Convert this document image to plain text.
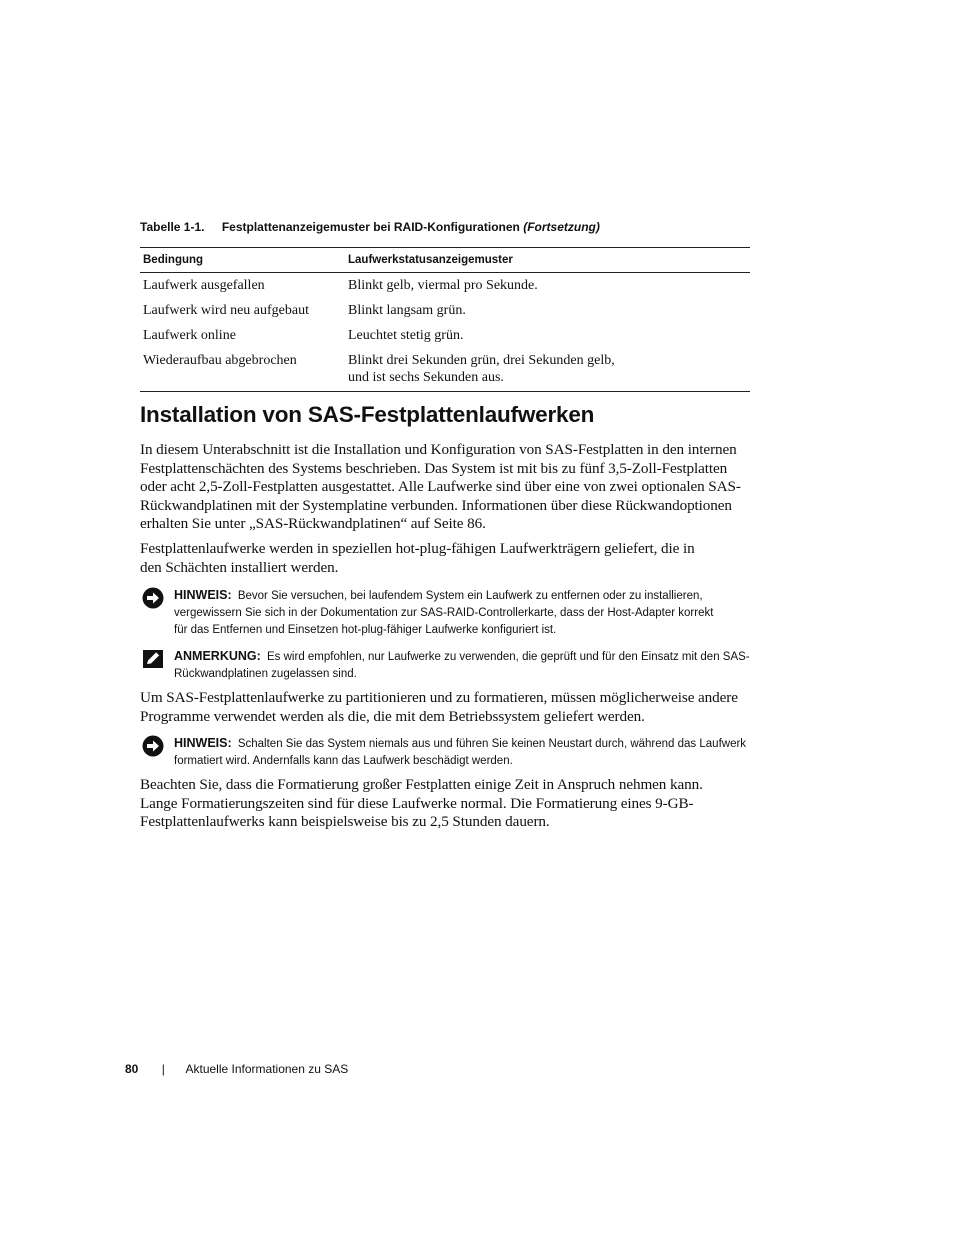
Tabelle 1-1. Festplattenanzeigemuster bei RAID-Konfigurationen (Fortsetzung)
Bedingung	Laufwerkstatusanzeigemuster
Laufwerk ausgefallen	Blinkt gelb, viermal pro Sekunde.
Laufwerk wird neu aufgebaut	Blinkt langsam grün.
Laufwerk online	Leuchtet stetig grün.
Wiederaufbau abgebrochen	Blinkt drei Sekunden grün, drei Sekunden gelb,
und ist sechs Sekunden aus.
Installation von SAS-Festplattenlaufwerken

In diesem Unterabschnitt ist die Installation und Konfiguration von SAS-Festplatten in den internen
Festplattenschächten des Systems beschrieben. Das System ist mit bis zu fünf 3,5-Zoll-Festplatten
oder acht 2,5-Zoll-Festplatten ausgestattet. Alle Laufwerke sind über eine von zwei optionalen SAS-
Rückwandplatinen mit der Systemplatine verbunden. Informationen über diese Rückwandoptionen
erhalten Sie unter „SAS-Rückwandplatinen“ auf Seite 86.

Festplattenlaufwerke werden in speziellen hot-plug-fähigen Laufwerkträgern geliefert, die in
den Schächten installiert werden.

HINWEIS: Bevor Sie versuchen, bei laufendem System ein Laufwerk zu entfernen oder zu installieren,
vergewissern Sie sich in der Dokumentation zur SAS-RAID-Controllerkarte, dass der Host-Adapter korrekt
für das Entfernen und Einsetzen hot-plug-fähiger Laufwerke konfiguriert ist.

ANMERKUNG: Es wird empfohlen, nur Laufwerke zu verwenden, die geprüft und für den Einsatz mit den SAS-
Rückwandplatinen zugelassen sind.

Um SAS-Festplattenlaufwerke zu partitionieren und zu formatieren, müssen möglicherweise andere
Programme verwendet werden als die, die mit dem Betriebssystem geliefert werden.

HINWEIS: Schalten Sie das System niemals aus und führen Sie keinen Neustart durch, während das Laufwerk
formatiert wird. Andernfalls kann das Laufwerk beschädigt werden.

Beachten Sie, dass die Formatierung großer Festplatten einige Zeit in Anspruch nehmen kann.
Lange Formatierungszeiten sind für diese Laufwerke normal. Die Formatierung eines 9-GB-
Festplattenlaufwerks kann beispielsweise bis zu 2,5 Stunden dauern.

80 | Aktuelle Informationen zu SAS
